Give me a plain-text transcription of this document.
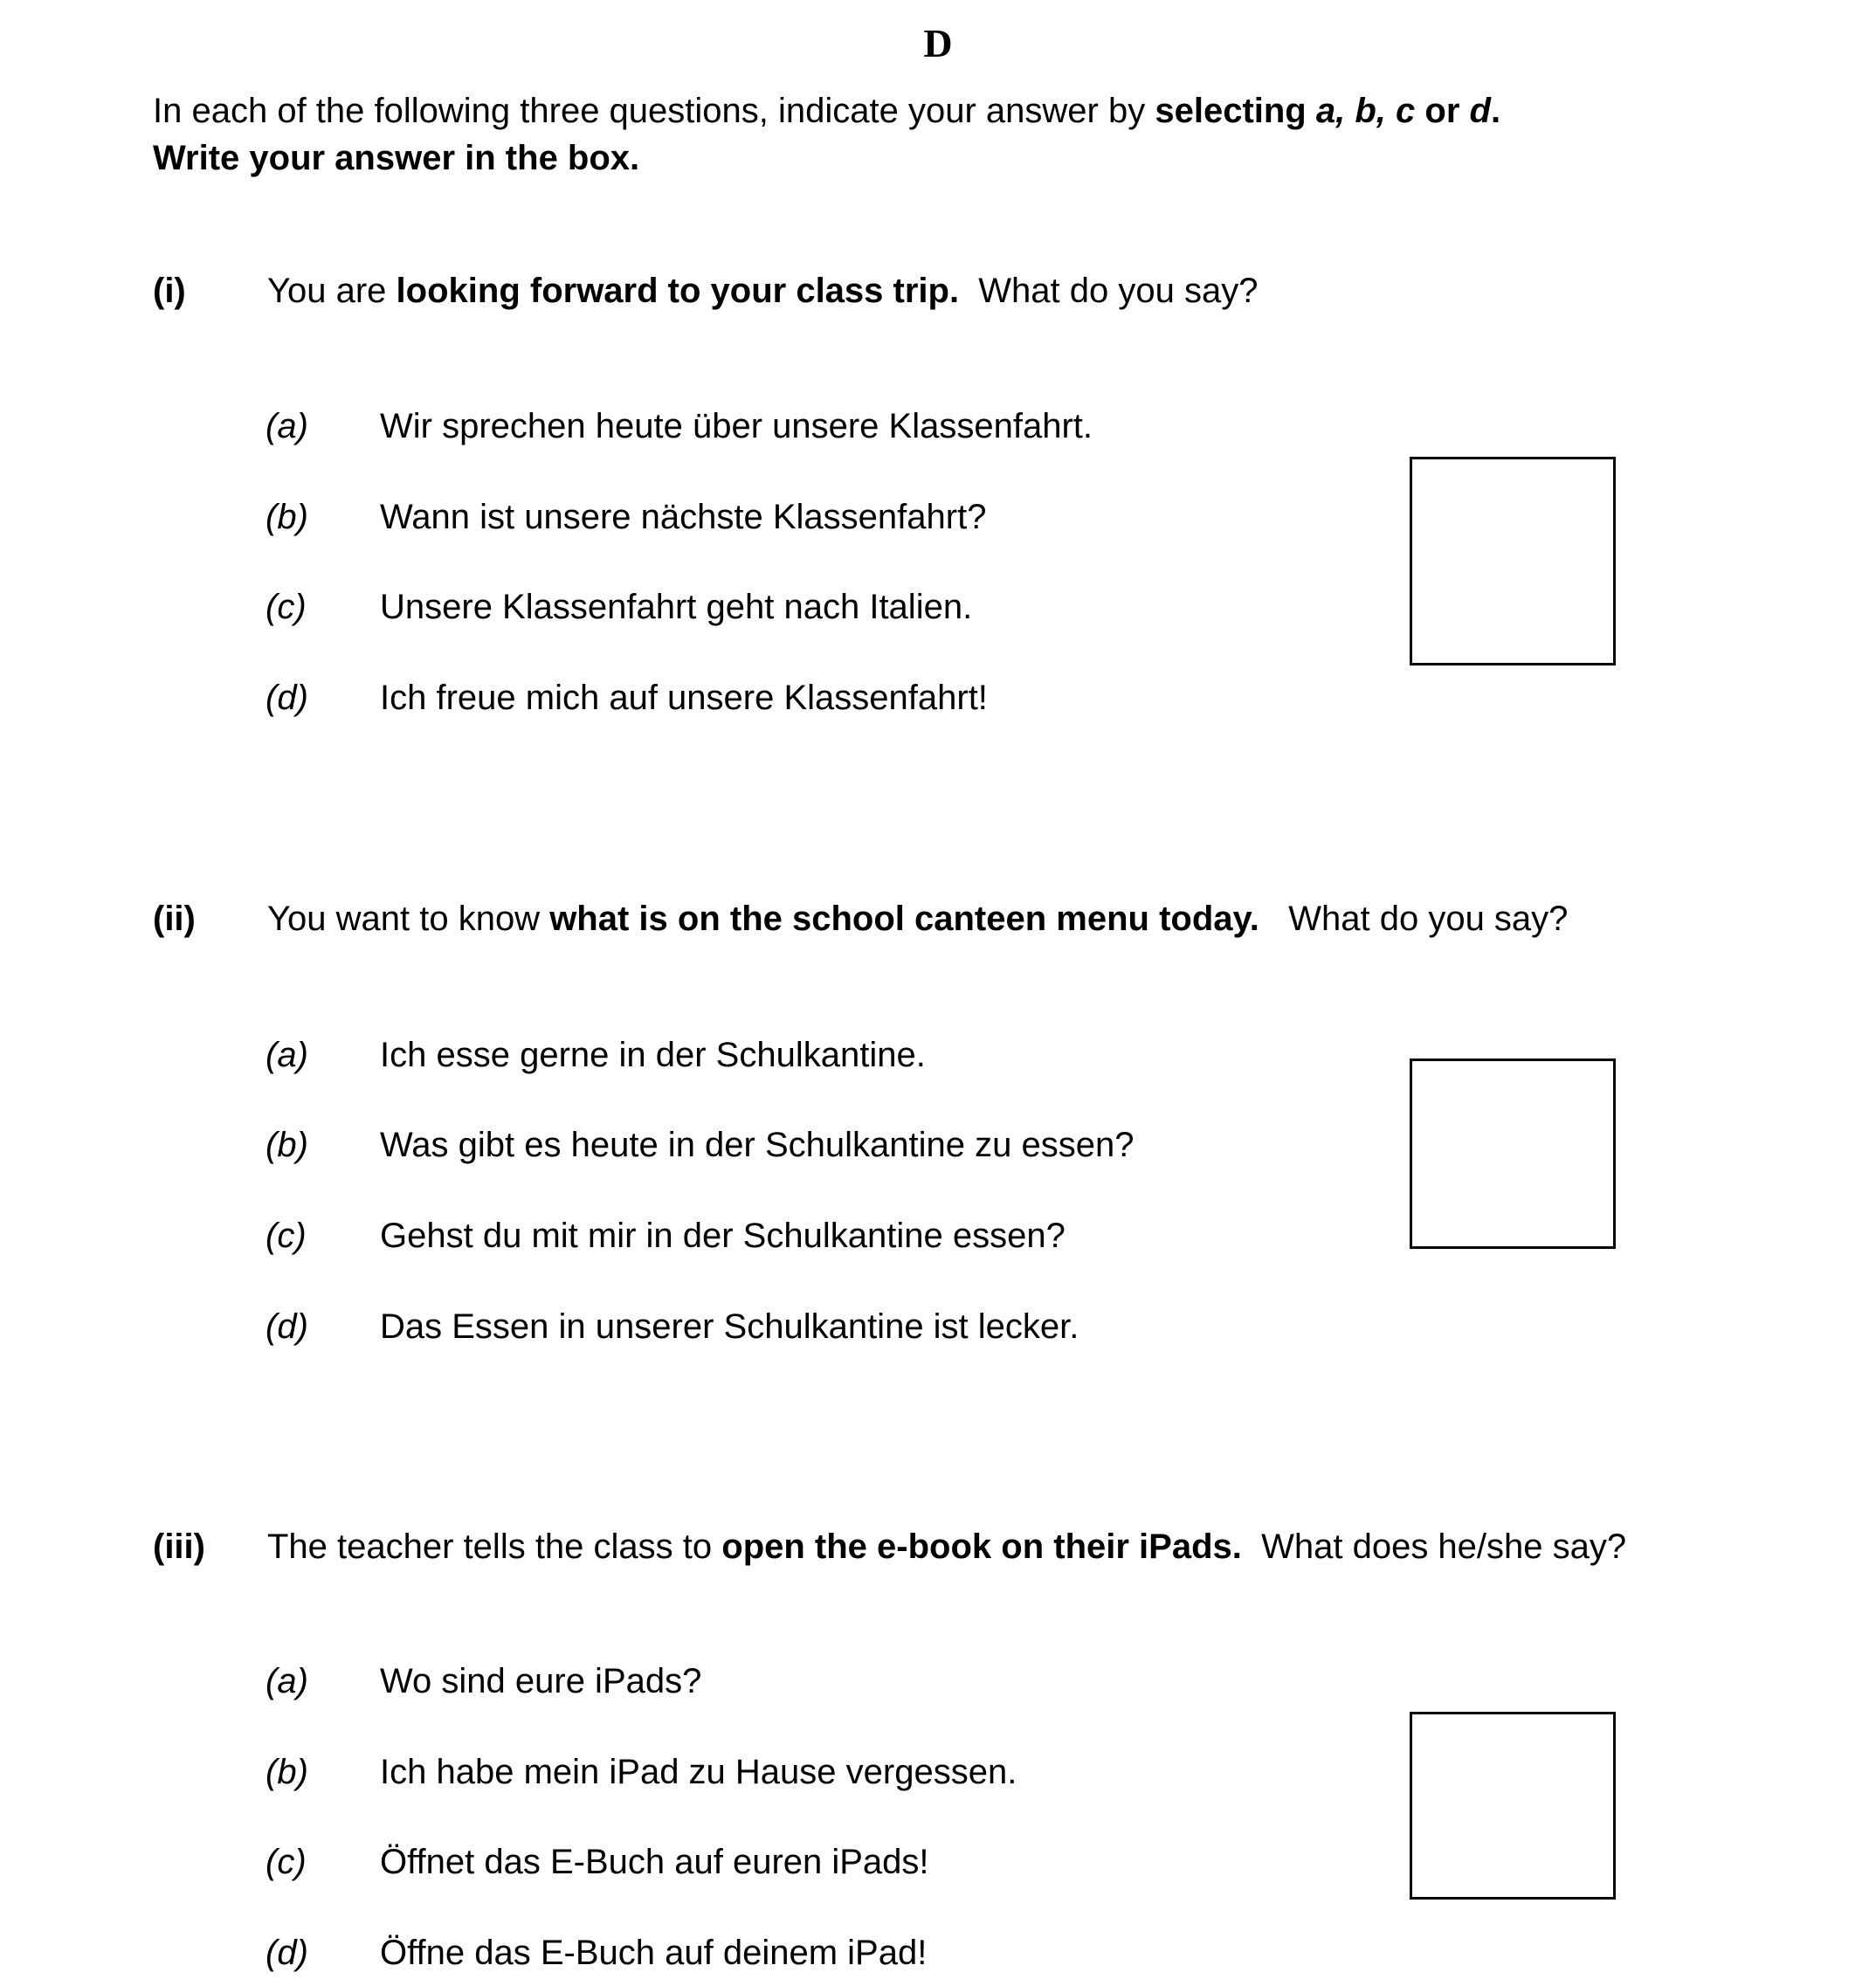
D
In each of the following three questions, indicate your answer by selecting a, b, c or d.
Write your answer in the box.
(i) You are looking forward to your class trip.  What do you say?
(a) Wir sprechen heute über unsere Klassenfahrt.
(b) Wann ist unsere nächste Klassenfahrt?
(c) Unsere Klassenfahrt geht nach Italien.
(d) Ich freue mich auf unsere Klassenfahrt!
(ii) You want to know what is on the school canteen menu today.   What do you say?
(a) Ich esse gerne in der Schulkantine.
(b) Was gibt es heute in der Schulkantine zu essen?
(c) Gehst du mit mir in der Schulkantine essen?
(d) Das Essen in unserer Schulkantine ist lecker.
(iii) The teacher tells the class to open the e-book on their iPads.  What does he/she say?
(a) Wo sind eure iPads?
(b) Ich habe mein iPad zu Hause vergessen.
(c) Öffnet das E-Buch auf euren iPads!
(d) Öffne das E-Buch auf deinem iPad!
